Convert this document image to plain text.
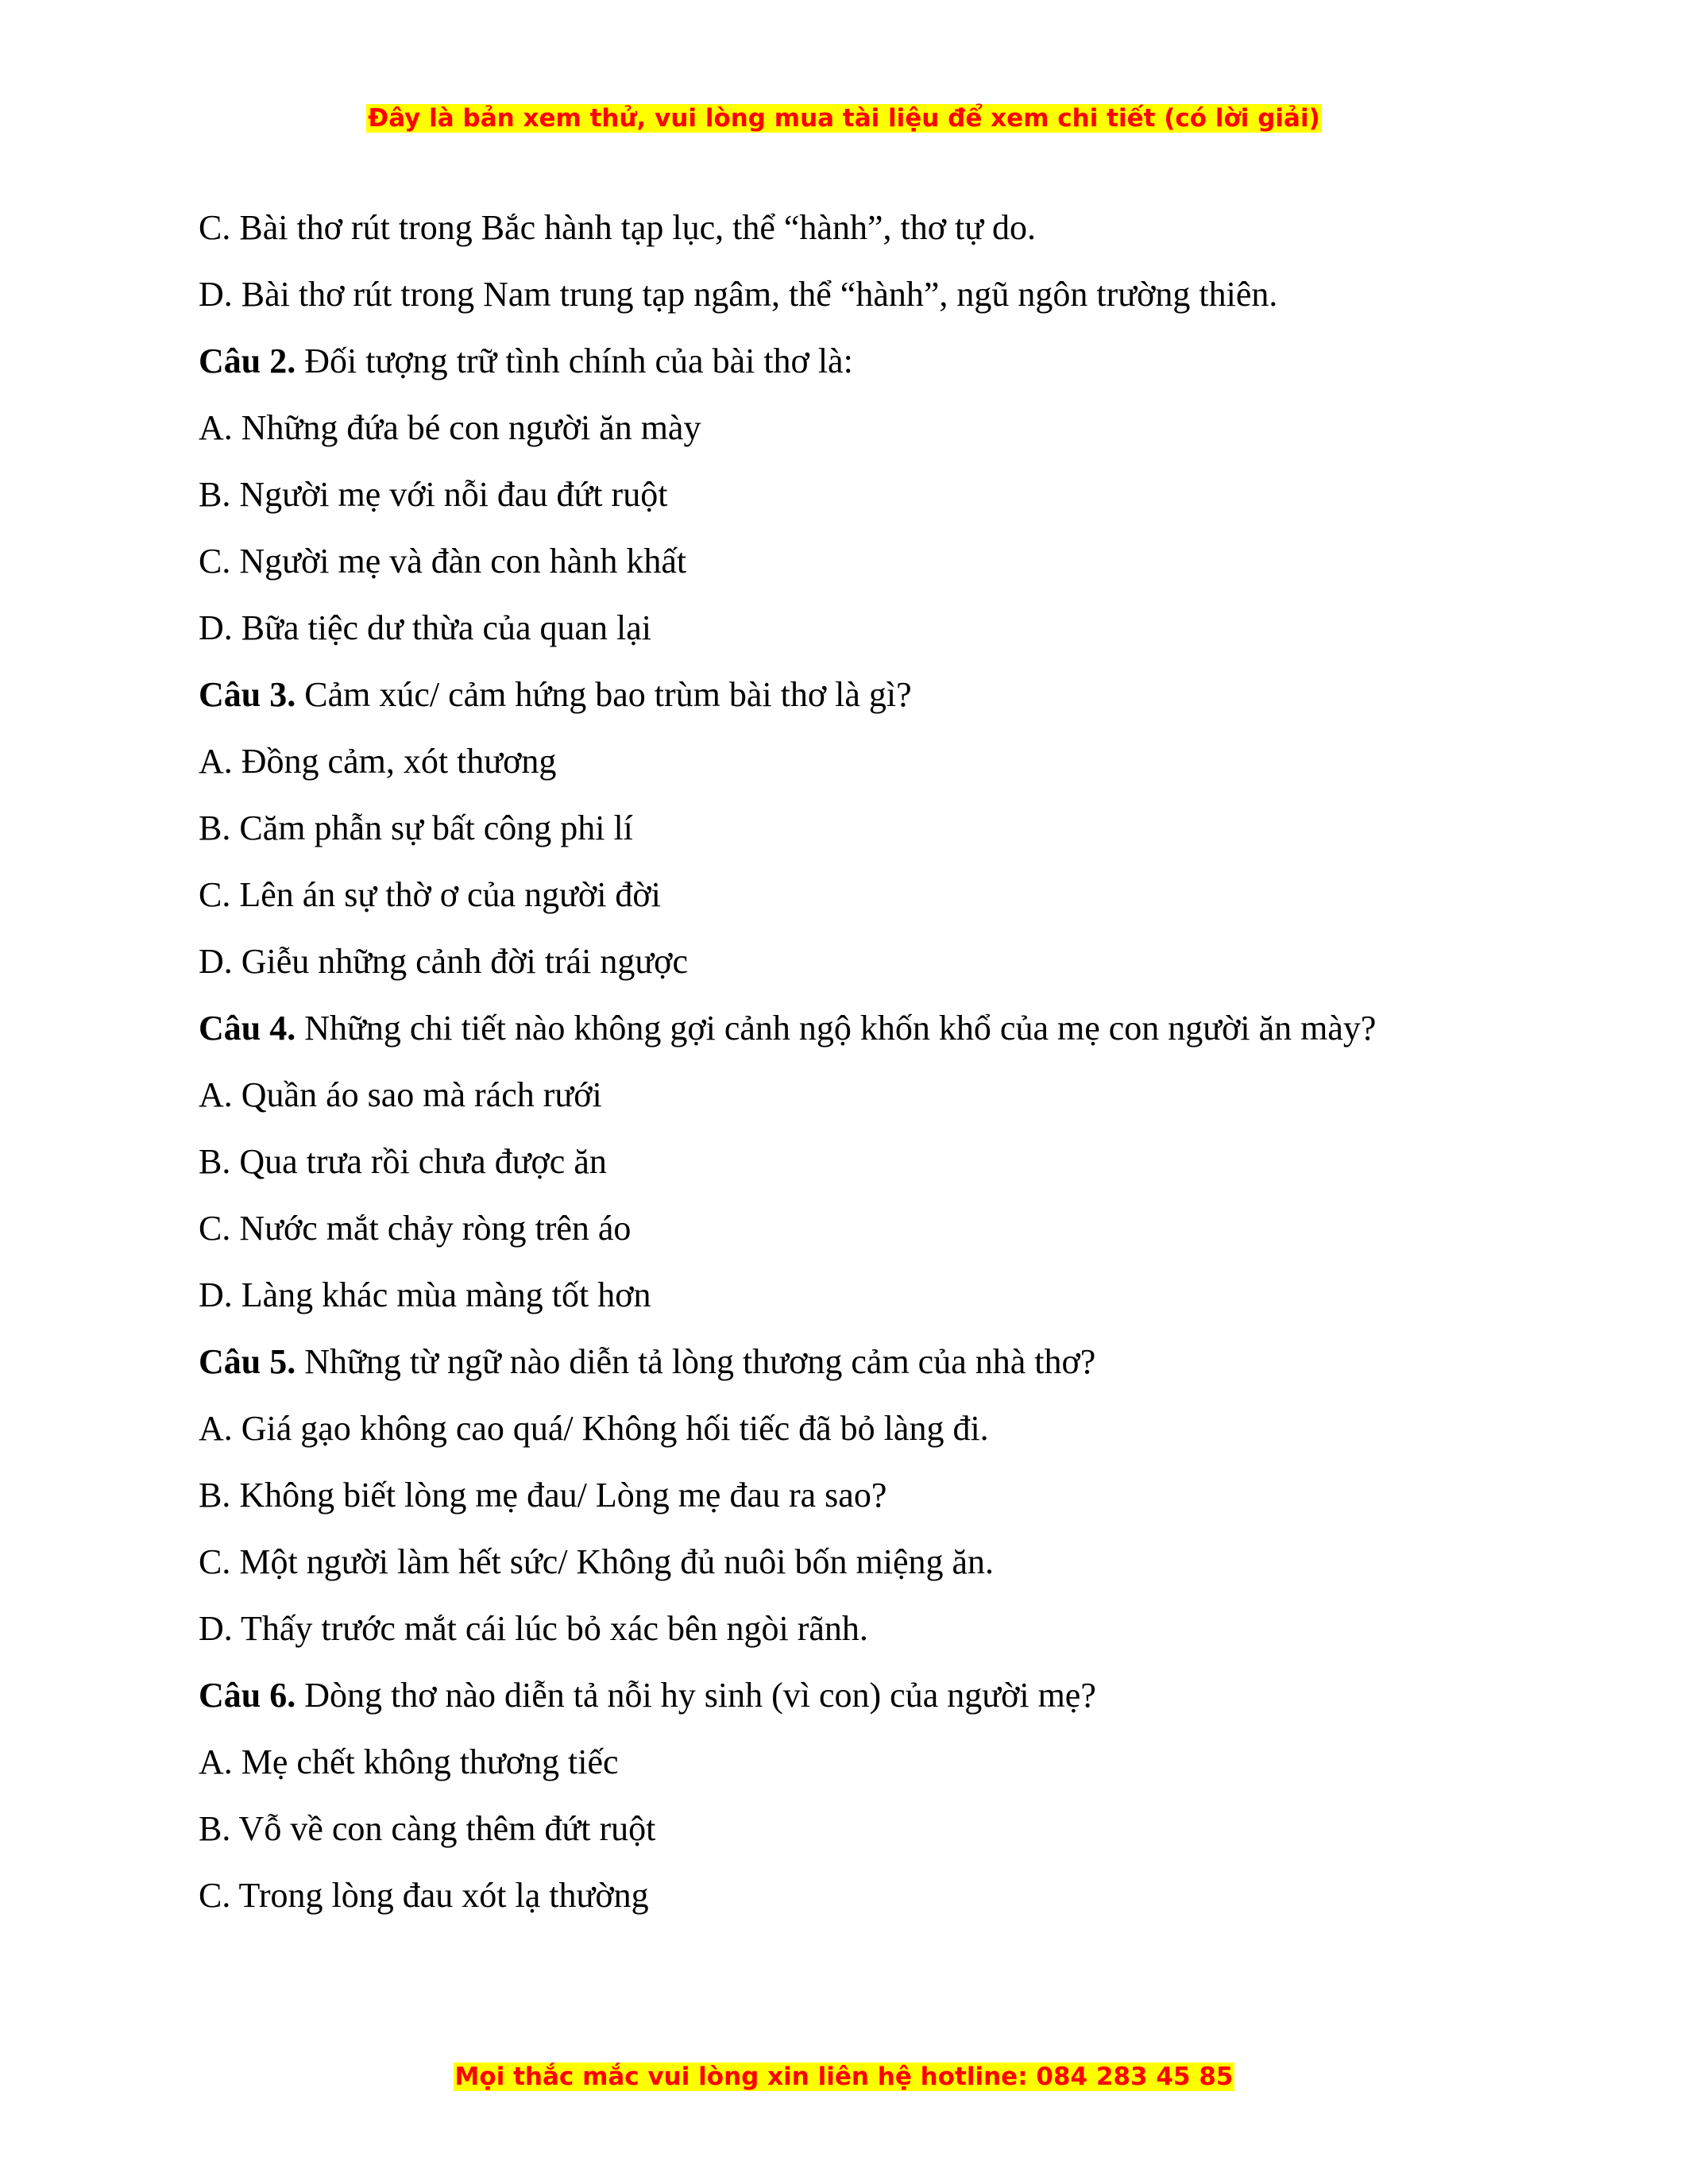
Đây là bản xem thử, vui lòng mua tài liệu để xem chi tiết (có lời giải)
C. Bài thơ rút trong Bắc hành tạp lục, thể “hành”, thơ tự do.
D. Bài thơ rút trong Nam trung tạp ngâm, thể “hành”, ngũ ngôn trường thiên.
Câu 2. Đối tượng trữ tình chính của bài thơ là:
A. Những đứa bé con người ăn mày
B. Người mẹ với nỗi đau đứt ruột
C. Người mẹ và đàn con hành khất
D. Bữa tiệc dư thừa của quan lại
Câu 3. Cảm xúc/ cảm hứng bao trùm bài thơ là gì?
A. Đồng cảm, xót thương
B. Căm phẫn sự bất công phi lí
C. Lên án sự thờ ơ của người đời
D. Giễu những cảnh đời trái ngược
Câu 4. Những chi tiết nào không gợi cảnh ngộ khốn khổ của mẹ con người ăn mày?
A. Quần áo sao mà rách rưới
B. Qua trưa rồi chưa được ăn
C. Nước mắt chảy ròng trên áo
D. Làng khác mùa màng tốt hơn
Câu 5. Những từ ngữ nào diễn tả lòng thương cảm của nhà thơ?
A. Giá gạo không cao quá/ Không hối tiếc đã bỏ làng đi.
B. Không biết lòng mẹ đau/ Lòng mẹ đau ra sao?
C. Một người làm hết sức/ Không đủ nuôi bốn miệng ăn.
D. Thấy trước mắt cái lúc bỏ xác bên ngòi rãnh.
Câu 6. Dòng thơ nào diễn tả nỗi hy sinh (vì con) của người mẹ?
A. Mẹ chết không thương tiếc
B. Vỗ về con càng thêm đứt ruột
C. Trong lòng đau xót lạ thường
Mọi thắc mắc vui lòng xin liên hệ hotline: 084 283 45 85
